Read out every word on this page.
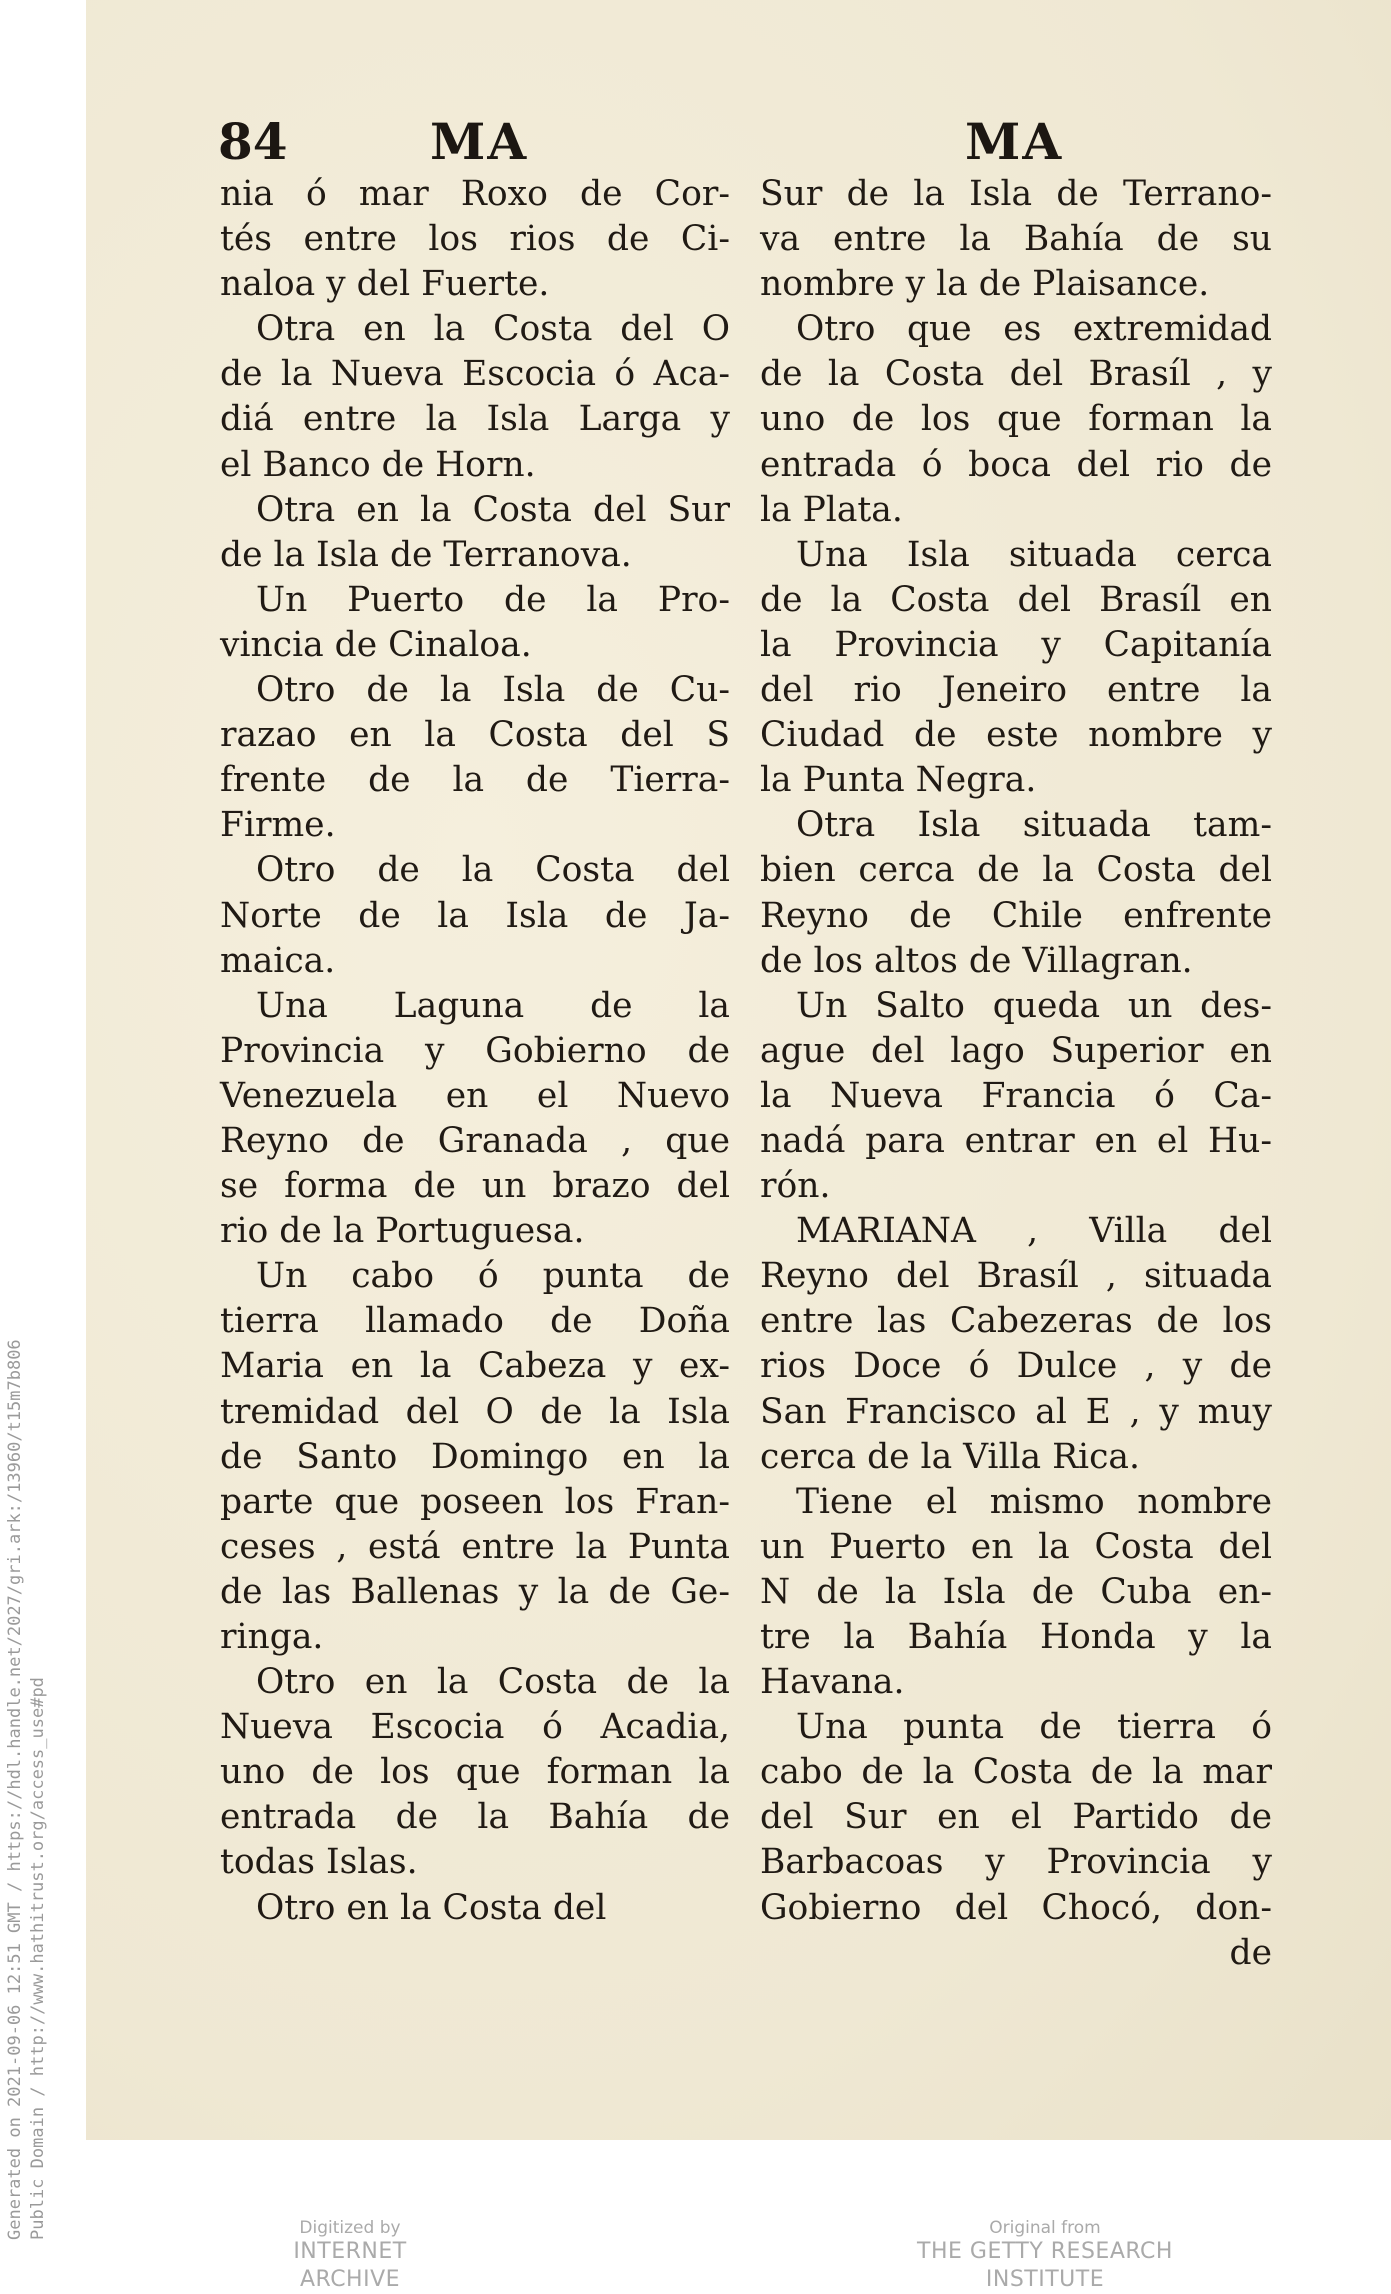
Generated on 2021-09-06 12:51 GMT / https://hdl.handle.net/2027/gri.ark:/13960/t15m7b806 Public Domain / http://www.hathitrust.org/access_use#pd
84	MA	MA
nia ó mar Roxo de Cor-
tés entre los rios de Ci-
naloa y del Fuerte.
Otra en la Costa del O
de la Nueva Escocia ó Aca-
diá entre la Isla Larga y
el Banco de Horn.
Otra en la Costa del Sur
de la Isla de Terranova.
Un Puerto de la Pro-
vincia de Cinaloa.
Otro de la Isla de Cu-
razao en la Costa del S
frente de la de Tierra-
Firme.
Otro de la Costa del
Norte de la Isla de Ja-
maica.
Una Laguna de la
Provincia y Gobierno de
Venezuela en el Nuevo
Reyno de Granada , que
se forma de un brazo del
rio de la Portuguesa.
Un cabo ó punta de
tierra llamado de Doña
Maria en la Cabeza y ex-
tremidad del O de la Isla
de Santo Domingo en la
parte que poseen los Fran-
ceses , está entre la Punta
de las Ballenas y la de Ge-
ringa.
Otro en la Costa de la
Nueva Escocia ó Acadia,
uno de los que forman la
entrada de la Bahía de
todas Islas.
Otro en la Costa del
Sur de la Isla de Terrano-
va entre la Bahía de su
nombre y la de Plaisance.
Otro que es extremidad
de la Costa del Brasíl , y
uno de los que forman la
entrada ó boca del rio de
la Plata.
Una Isla situada cerca
de la Costa del Brasíl en
la Provincia y Capitanía
del rio Jeneiro entre la
Ciudad de este nombre y
la Punta Negra.
Otra Isla situada tam-
bien cerca de la Costa del
Reyno de Chile enfrente
de los altos de Villagran.
Un Salto queda un des-
ague del lago Superior en
la Nueva Francia ó Ca-
nadá para entrar en el Hu-
rón.
MARIANA , Villa del
Reyno del Brasíl , situada
entre las Cabezeras de los
rios Doce ó Dulce , y de
San Francisco al E , y muy
cerca de la Villa Rica.
Tiene el mismo nombre
un Puerto en la Costa del
N de la Isla de Cuba en-
tre la Bahía Honda y la
Havana.
Una punta de tierra ó
cabo de la Costa de la mar
del Sur en el Partido de
Barbacoas y Provincia y
Gobierno del Chocó, don-
de
Digitized by
INTERNET ARCHIVE
Original from
THE GETTY RESEARCH INSTITUTE
